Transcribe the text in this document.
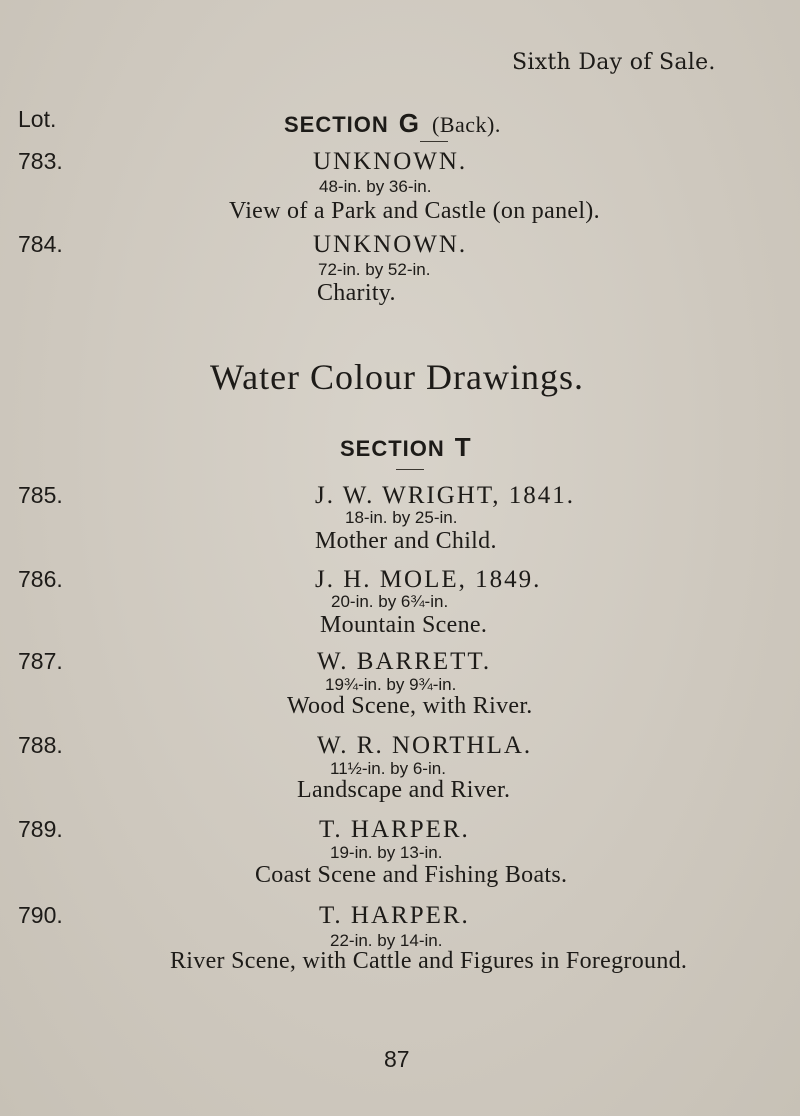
Sixth Day of Sale.
Lot.	SECTION G (Back).
783.	UNKNOWN.
48-in. by 36-in.
View of a Park and Castle (on panel).
784.	UNKNOWN.
72-in. by 52-in.
Charity.
Water Colour Drawings.
SECTION T
785.	J. W. WRIGHT, 1841.
18-in. by 25-in.
Mother and Child.
786.	J. H. MOLE, 1849.
20-in. by 6¾-in.
Mountain Scene.
787.	W. BARRETT.
19¾-in. by 9¾-in.
Wood Scene, with River.
788.	W. R. NORTHLA.
11½-in. by 6-in.
Landscape and River.
789.	T. HARPER.
19-in. by 13-in.
Coast Scene and Fishing Boats.
790.	T. HARPER.
22-in. by 14-in.
River Scene, with Cattle and Figures in Foreground.
87
